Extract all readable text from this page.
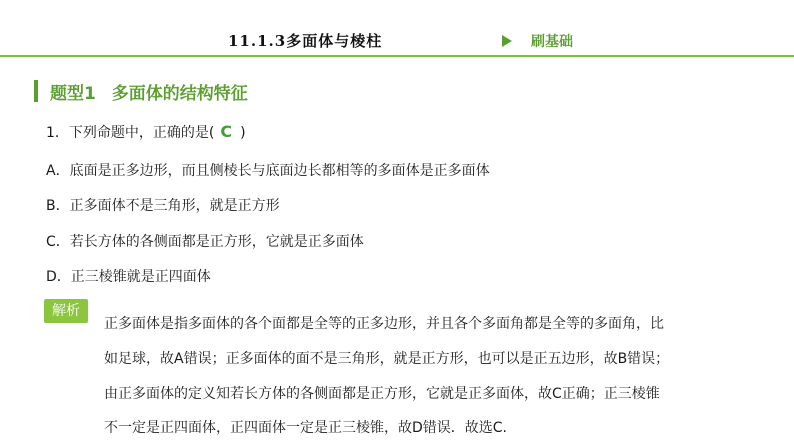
11.1.3多面体与棱柱	刷基础
题型1 多面体的结构特征
1．下列命题中，正确的是( C )
A．底面是正多边形，而且侧棱长与底面边长都相等的多面体是正多面体
B．正多面体不是三角形，就是正方形
C．若长方体的各侧面都是正方形，它就是正多面体
D．正三棱锥就是正四面体
解析
正多面体是指多面体的各个面都是全等的正多边形，并且各个多面角都是全等的多面角，比
如足球，故A错误；正多面体的面不是三角形，就是正方形，也可以是正五边形，故B错误；
由正多面体的定义知若长方体的各侧面都是正方形，它就是正多面体，故C正确；正三棱锥
不一定是正四面体，正四面体一定是正三棱锥，故D错误．故选C.
